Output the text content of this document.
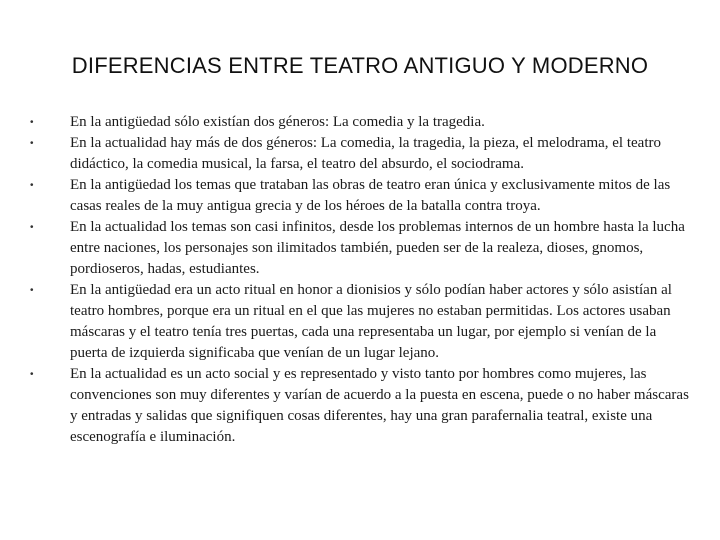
DIFERENCIAS ENTRE TEATRO ANTIGUO Y MODERNO
•	En la antigüedad sólo existían dos géneros: La comedia y la tragedia.
•	En la actualidad hay más de dos géneros: La comedia, la tragedia, la pieza, el melodrama, el teatro didáctico, la comedia musical, la farsa, el teatro del absurdo, el sociodrama.
•	En la antigüedad los temas que trataban las obras de teatro eran única y exclusivamente mitos de las casas reales de la muy antigua grecia y de los héroes de la batalla contra troya.
•	En la actualidad los temas son casi infinitos, desde los problemas internos de un hombre hasta la lucha entre naciones, los personajes son ilimitados también, pueden ser de la realeza, dioses, gnomos, pordioseros, hadas, estudiantes.
•	En la antigüedad era un acto ritual en honor a dionisios y sólo podían haber actores y sólo asistían al teatro hombres, porque era un ritual en el que las mujeres no estaban permitidas. Los actores usaban máscaras y el teatro tenía tres puertas, cada una representaba un lugar, por ejemplo si venían de la puerta de izquierda significaba que venían de un lugar lejano.
•	En la actualidad es un acto social y es representado y visto tanto por hombres como mujeres, las convenciones son muy diferentes y varían de acuerdo a la puesta en escena, puede o no haber máscaras y entradas y salidas que signifiquen cosas diferentes, hay una gran parafernalia teatral, existe una escenografía e iluminación.
